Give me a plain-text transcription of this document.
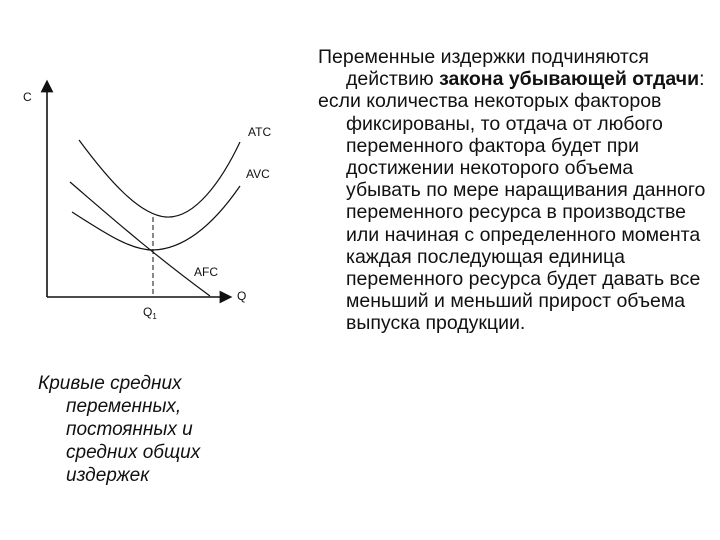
C
Q
ATC
AVC
AFC
$Q_1$
Кривые средних
переменных,
постоянных и
средних общих
издержек
Переменные издержки подчиняются действию закона убывающей отдачи:
если количества некоторых факторов фиксированы, то отдача от любого переменного фактора будет при достижении некоторого объема убывать по мере наращивания данного переменного ресурса в производстве или начиная с определенного момента каждая последующая единица переменного ресурса будет давать все меньший и меньший прирост объема выпуска продукции.
